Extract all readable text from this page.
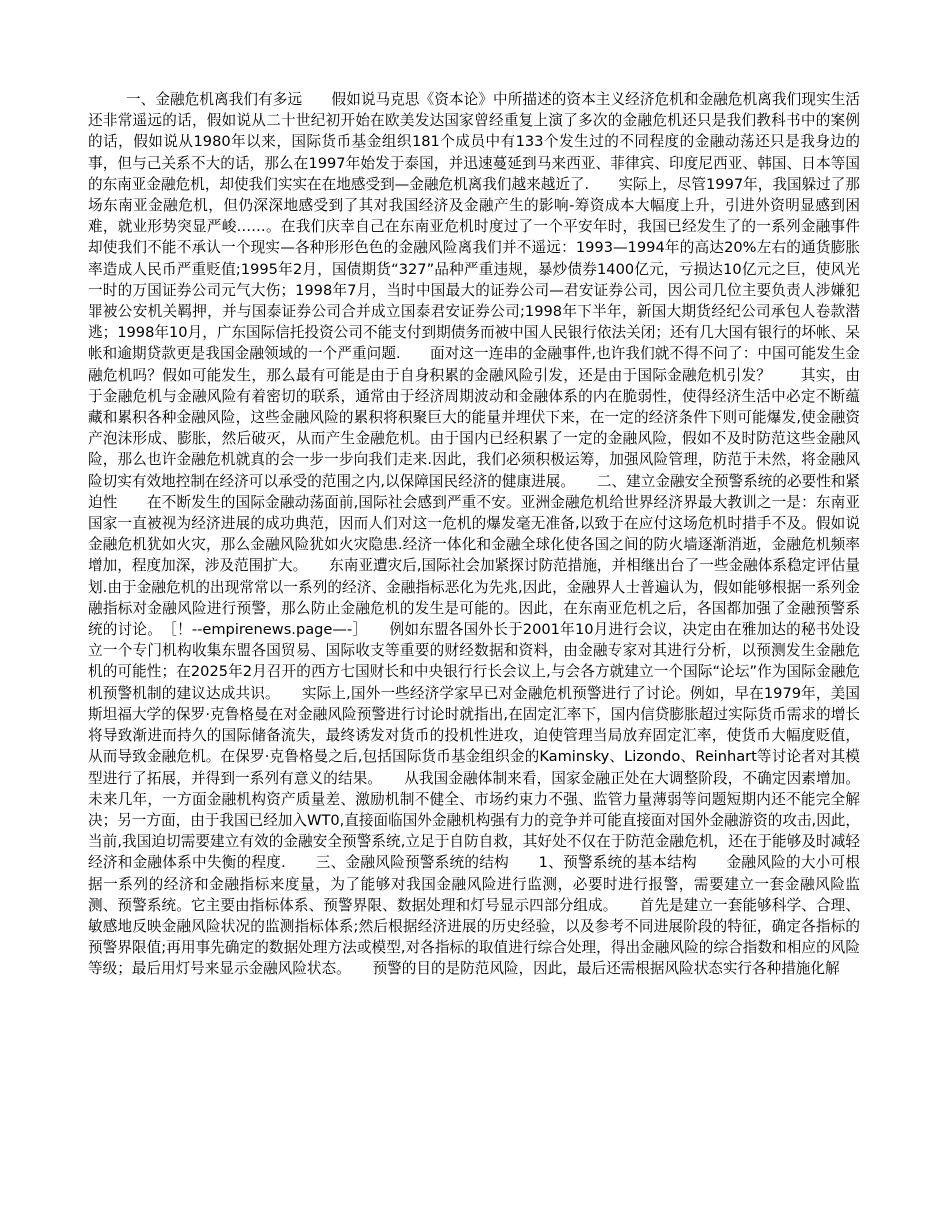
一、金融危机离我们有多远　　假如说马克思《资本论》中所描述的资本主义经济危机和金融危机离我们现实生活还非常遥远的话，假如说从二十世纪初开始在欧美发达国家曾经重复上演了多次的金融危机还只是我们教科书中的案例的话，假如说从1980年以来，国际货币基金组织181个成员中有133个发生过的不同程度的金融动荡还只是我身边的事，但与己关系不大的话，那么在1997年始发于泰国，并迅速蔓延到马来西亚、菲律宾、印度尼西亚、韩国、日本等国的东南亚金融危机，却使我们实实在在地感受到—金融危机离我们越来越近了.　　实际上，尽管1997年，我国躲过了那场东南亚金融危机，但仍深深地感受到了其对我国经济及金融产生的影响-筹资成本大幅度上升，引进外资明显感到困难，就业形势突显严峻……。在我们庆幸自己在东南亚危机时度过了一个平安年时，我国已经发生了的一系列金融事件却使我们不能不承认一个现实—各种形形色色的金融风险离我们并不遥远：1993—1994年的高达20%左右的通货膨胀率造成人民币严重贬值;1995年2月，国债期货“327”品种严重违规，暴炒债券1400亿元，亏损达10亿元之巨，使风光一时的万国证券公司元气大伤；1998年7月，当时中国最大的证券公司—君安证券公司，因公司几位主要负责人涉嫌犯罪被公安机关羁押，并与国泰证券公司合并成立国泰君安证券公司;1998年下半年，新国大期货经纪公司承包人卷款潜逃；1998年10月，广东国际信托投资公司不能支付到期债务而被中国人民银行依法关闭；还有几大国有银行的坏帐、呆帐和逾期贷款更是我国金融领域的一个严重问题.　　面对这一连串的金融事件,也许我们就不得不问了：中国可能发生金融危机吗？假如可能发生，那么最有可能是由于自身积累的金融风险引发，还是由于国际金融危机引发？　　其实，由于金融危机与金融风险有着密切的联系，通常由于经济周期波动和金融体系的内在脆弱性，使得经济生活中必定不断蕴藏和累积各种金融风险，这些金融风险的累积将积聚巨大的能量并埋伏下来，在一定的经济条件下则可能爆发,使金融资产泡沫形成、膨胀，然后破灭，从而产生金融危机。由于国内已经积累了一定的金融风险，假如不及时防范这些金融风险，那么也许金融危机就真的会一步一步向我们走来.因此，我们必须积极运筹，加强风险管理，防范于未然，将金融风险切实有效地控制在经济可以承受的范围之内,以保障国民经济的健康进展。　　二、建立金融安全预警系统的必要性和紧迫性　　在不断发生的国际金融动荡面前,国际社会感到严重不安。亚洲金融危机给世界经济界最大教训之一是：东南亚国家一直被视为经济进展的成功典范，因而人们对这一危机的爆发毫无准备,以致于在应付这场危机时措手不及。假如说金融危机犹如火灾，那么金融风险犹如火灾隐患.经济一体化和金融全球化使各国之间的防火墙逐渐消逝，金融危机频率增加，程度加深，涉及范围扩大。　　东南亚遭灾后,国际社会加紧探讨防范措施，并相继出台了一些金融体系稳定评估量划.由于金融危机的出现常常以一系列的经济、金融指标恶化为先兆,因此，金融界人士普遍认为，假如能够根据一系列金融指标对金融风险进行预警，那么防止金融危机的发生是可能的。因此，在东南亚危机之后，各国都加强了金融预警系统的讨论。　［！--empirenews.page—-］　　例如东盟各国外长于2001年10月进行会议，决定由在雅加达的秘书处设立一个专门机构收集东盟各国贸易、国际收支等重要的财经数据和资料，由金融专家对其进行分析，以预测发生金融危机的可能性；在2025年2月召开的西方七国财长和中央银行行长会议上,与会各方就建立一个国际“论坛”作为国际金融危机预警机制的建议达成共识。　　实际上,国外一些经济学家早已对金融危机预警进行了讨论。例如，早在1979年，美国斯坦福大学的保罗·克鲁格曼在对金融风险预警进行讨论时就指出,在固定汇率下，国内信贷膨胀超过实际货币需求的增长将导致渐进而持久的国际储备流失，最终诱发对货币的投机性进攻，迫使管理当局放弃固定汇率，使货币大幅度贬值，从而导致金融危机。在保罗·克鲁格曼之后,包括国际货币基金组织金的Kaminsky、Lizondo、Reinhart等讨论者对其模型进行了拓展，并得到一系列有意义的结果。　　从我国金融体制来看，国家金融正处在大调整阶段，不确定因素增加。未来几年，一方面金融机构资产质量差、激励机制不健全、市场约束力不强、监管力量薄弱等问题短期内还不能完全解决；另一方面，由于我国已经加入WT0,直接面临国外金融机构强有力的竞争并可能直接面对国外金融游资的攻击,因此，当前,我国迫切需要建立有效的金融安全预警系统,立足于自防自救，其好处不仅在于防范金融危机，还在于能够及时减轻经济和金融体系中失衡的程度.　　三、金融风险预警系统的结构　　1、预警系统的基本结构　　金融风险的大小可根据一系列的经济和金融指标来度量，为了能够对我国金融风险进行监测，必要时进行报警，需要建立一套金融风险监测、预警系统。它主要由指标体系、预警界限、数据处理和灯号显示四部分组成。　　首先是建立一套能够科学、合理、敏感地反映金融风险状况的监测指标体系;然后根据经济进展的历史经验，以及参考不同进展阶段的特征，确定各指标的预警界限值;再用事先确定的数据处理方法或模型,对各指标的取值进行综合处理，得出金融风险的综合指数和相应的风险等级；最后用灯号来显示金融风险状态。　　预警的目的是防范风险，因此，最后还需根据风险状态实行各种措施化解
